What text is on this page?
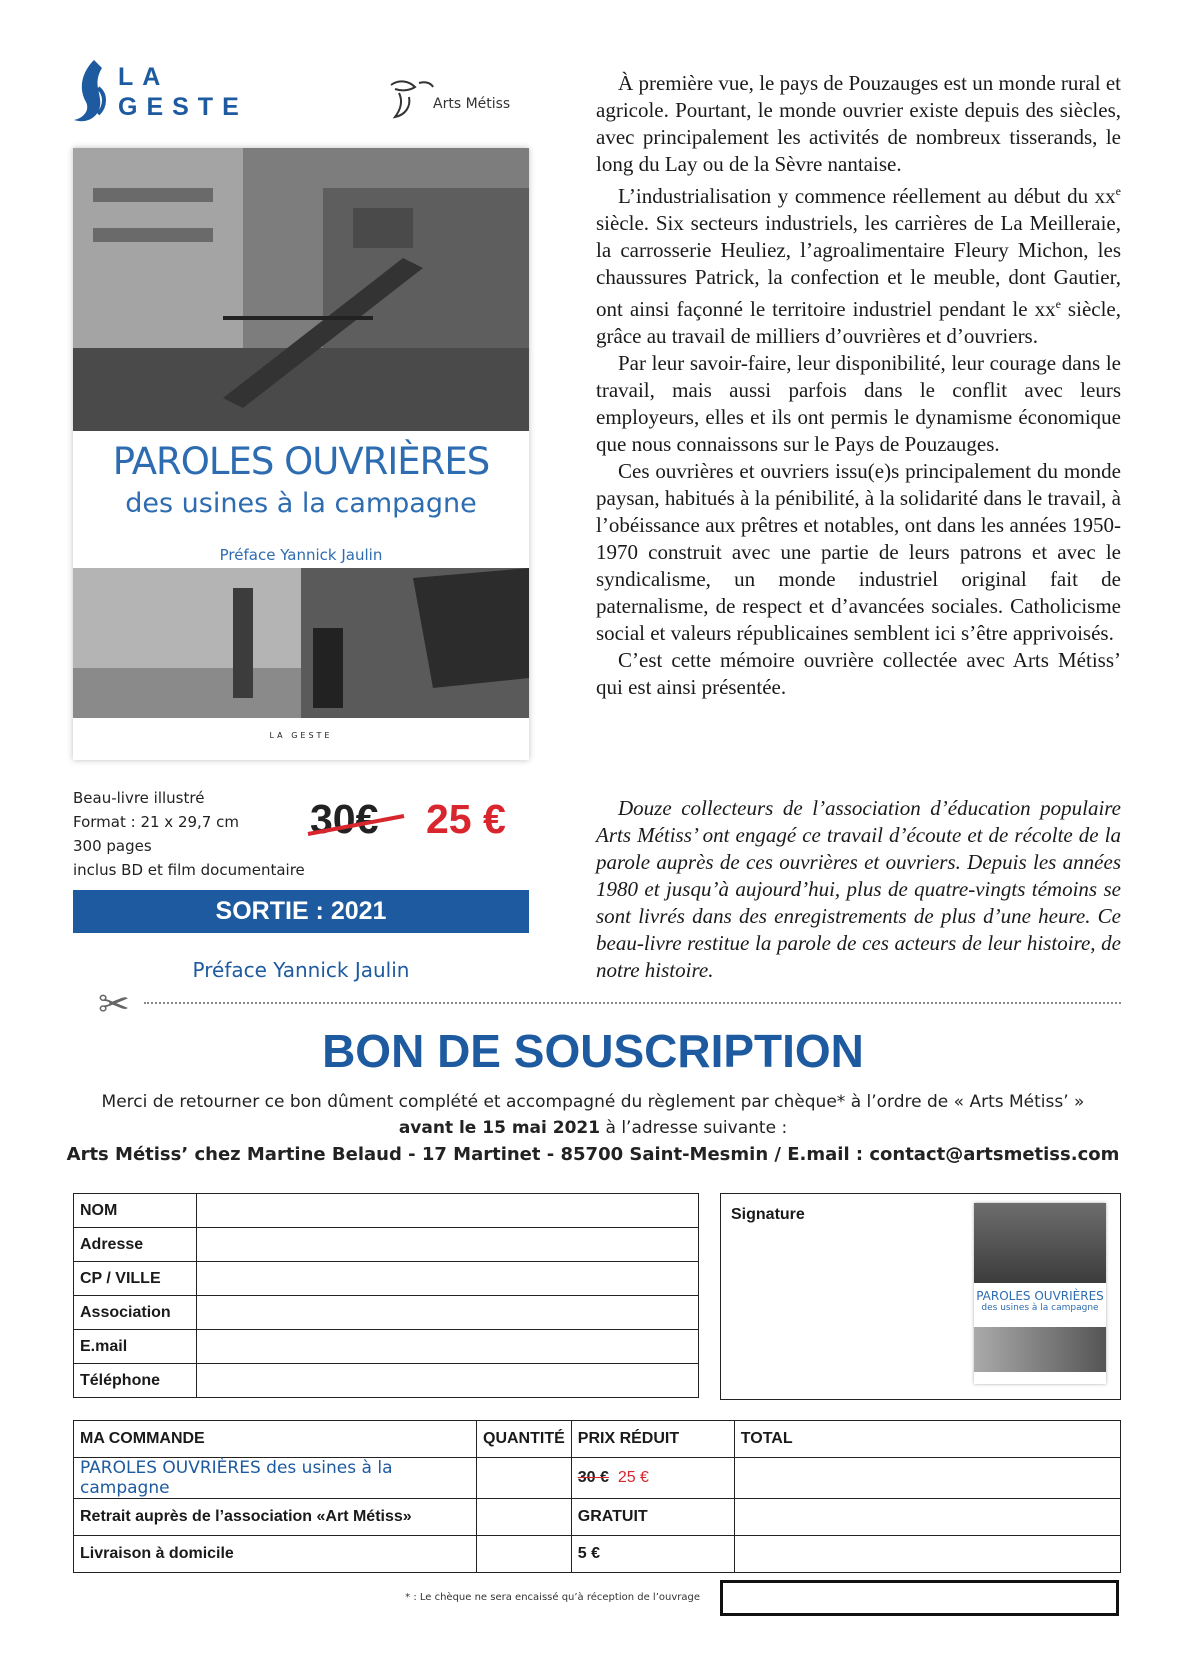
LA
GESTE	Arts Métiss
PAROLES OUVRIÈRES
des usines à la campagne
Préface Yannick Jaulin
LA GESTE
Beau-livre illustré
Format : 21 x 29,7 cm
300 pages
inclus BD et film documentaire
30€ 25 €
SORTIE : 2021
Préface Yannick Jaulin

À première vue, le pays de Pouzauges est un monde rural et agricole. Pourtant, le monde ouvrier existe depuis des siècles, avec principalement les activités de nombreux tisserands, le long du Lay ou de la Sèvre nantaise.

L’industrialisation y commence réellement au début du $xx^e$ siècle. Six secteurs industriels, les carrières de La Meilleraie, la carrosserie Heuliez, l’agroalimentaire Fleury Michon, les chaussures Patrick, la confection et le meuble, dont Gautier, ont ainsi façonné le territoire industriel pendant le $xx^e$ siècle, grâce au travail de milliers d’ouvrières et d’ouvriers.

Par leur savoir-faire, leur disponibilité, leur courage dans le travail, mais aussi parfois dans le conflit avec leurs employeurs, elles et ils ont permis le dynamisme économique que nous connaissons sur le Pays de Pouzauges.

Ces ouvrières et ouvriers issu(e)s principalement du monde paysan, habitués à la pénibilité, à la solidarité dans le travail, à l’obéissance aux prêtres et notables, ont dans les années 1950-1970 construit avec une partie de leurs patrons et avec le syndicalisme, un monde industriel original fait de paternalisme, de respect et d’avancées sociales. Catholicisme social et valeurs républicaines semblent ici s’être apprivoisés.

C’est cette mémoire ouvrière collectée avec Arts Métiss’ qui est ainsi présentée.

Douze collecteurs de l’association d’éducation populaire Arts Métiss’ ont engagé ce travail d’écoute et de récolte de la parole auprès de ces ouvrières et ouvriers. Depuis les années 1980 et jusqu’à aujourd’hui, plus de quatre-vingts témoins se sont livrés dans des enregistrements de plus d’une heure. Ce beau-livre restitue la parole de ces acteurs de leur histoire, de notre histoire.
✂
BON DE SOUSCRIPTION
Merci de retourner ce bon dûment complété et accompagné du règlement par chèque* à l’ordre de « Arts Métiss’ »
avant le 15 mai 2021 à l’adresse suivante :
Arts Métiss’ chez Martine Belaud - 17 Martinet - 85700 Saint-Mesmin / E.mail : contact@artsmetiss.com
NOM	
Adresse	
CP / VILLE	
Association	
E.mail	
Téléphone	
Signature
PAROLES OUVRIÈRES
des usines à la campagne
MA COMMANDE	QUANTITÉ	PRIX RÉDUIT	TOTAL
PAROLES OUVRIÈRES des usines à la campagne		30 € 25 €	
Retrait auprès de l’association «Art Métiss»		GRATUIT	
Livraison à domicile		5 €	
* : Le chèque ne sera encaissé qu’à réception de l’ouvrage
